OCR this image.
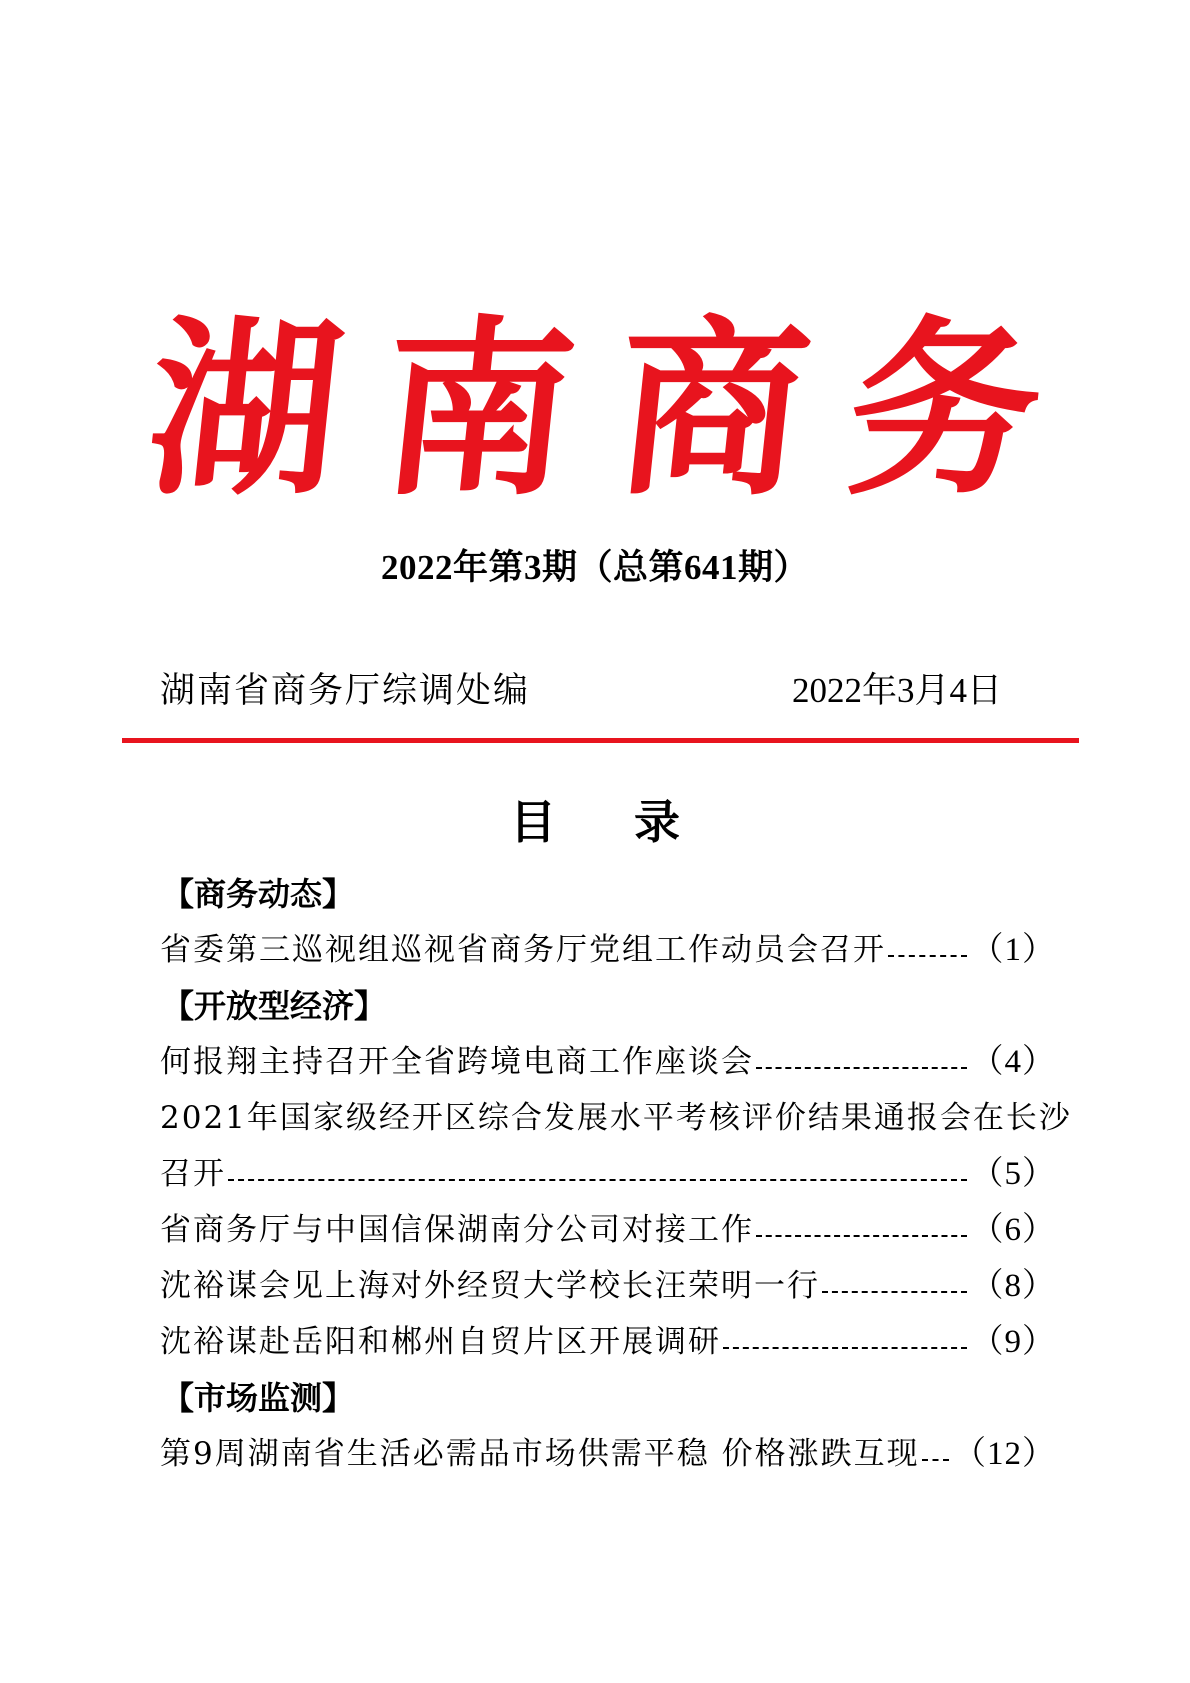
湖 南 商 务
2022年第3期（总第641期）
湖南省商务厅综调处编	2022年3月4日
目 录
【商务动态】
省委第三巡视组巡视省商务厅党组工作动员会召开	（1）
【开放型经济】
何报翔主持召开全省跨境电商工作座谈会	（4）
2021年国家级经开区综合发展水平考核评价结果通报会在长沙
召开	（5）
省商务厅与中国信保湖南分公司对接工作	（6）
沈裕谋会见上海对外经贸大学校长汪荣明一行	（8）
沈裕谋赴岳阳和郴州自贸片区开展调研	（9）
【市场监测】
第9周湖南省生活必需品市场供需平稳 价格涨跌互现 （12）
